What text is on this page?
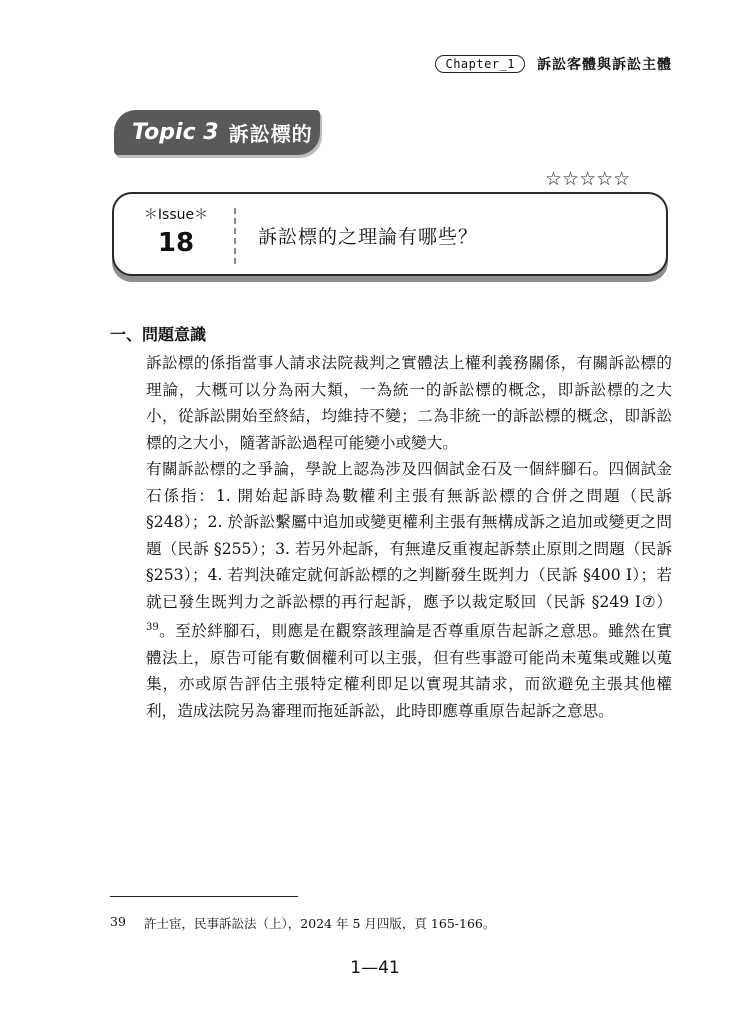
Chapter_1	訴訟客體與訴訟主體
Topic 3 訴訟標的
☆☆☆☆☆
＊Issue＊
18	訴訟標的之理論有哪些？
一、問題意識

訴訟標的係指當事人請求法院裁判之實體法上權利義務關係，有關訴訟標的理論，大概可以分為兩大類，一為統一的訴訟標的概念，即訴訟標的之大小，從訴訟開始至終結，均維持不變；二為非統一的訴訟標的概念，即訴訟標的之大小，隨著訴訟過程可能變小或變大。

有關訴訟標的之爭論，學說上認為涉及四個試金石及一個絆腳石。四個試金石係指：1. 開始起訴時為數權利主張有無訴訟標的合併之問題（民訴 §248）；2. 於訴訟繫屬中追加或變更權利主張有無構成訴之追加或變更之問題（民訴 §255）；3. 若另外起訴，有無違反重複起訴禁止原則之問題（民訴 §253）；4. 若判決確定就何訴訟標的之判斷發生既判力（民訴 §400 Ⅰ）；若就已發生既判力之訴訟標的再行起訴，應予以裁定駁回（民訴 §249 Ⅰ⑦）$^{39}$。至於絆腳石，則應是在觀察該理論是否尊重原告起訴之意思。雖然在實體法上，原告可能有數個權利可以主張，但有些事證可能尚未蒐集或難以蒐集，亦或原告評估主張特定權利即足以實現其請求，而欲避免主張其他權利，造成法院另為審理而拖延訴訟，此時即應尊重原告起訴之意思。

39	許士宦，民事訴訟法（上），2024 年 5 月四版，頁 165-166。
1—41
